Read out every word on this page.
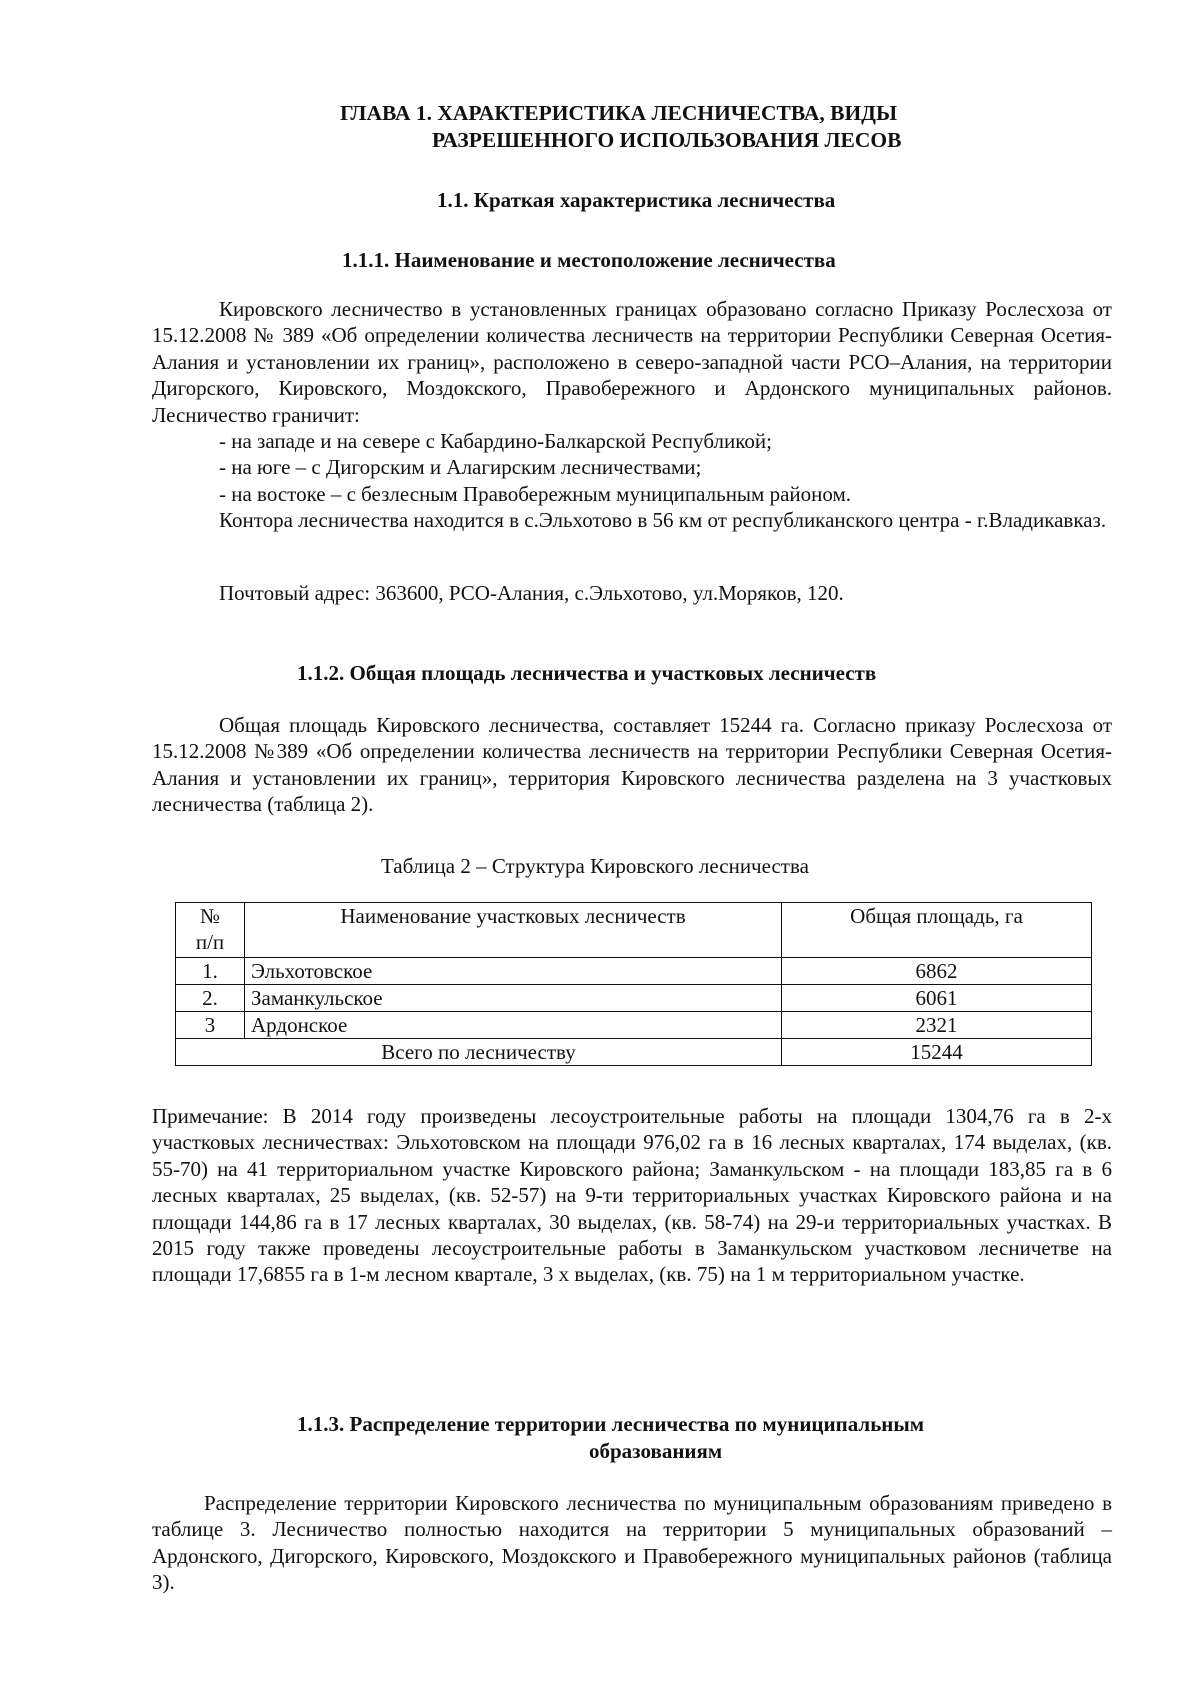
ГЛАВА 1. ХАРАКТЕРИСТИКА ЛЕСНИЧЕСТВА, ВИДЫ
РАЗРЕШЕННОГО ИСПОЛЬЗОВАНИЯ ЛЕСОВ
1.1. Краткая характеристика лесничества
1.1.1. Наименование и местоположение лесничества
Кировского лесничество в установленных границах образовано согласно Приказу Рослесхоза от 15.12.2008 № 389 «Об определении количества лесничеств на территории Республики Северная Осетия-Алания и установлении их границ», расположено в северо-западной части РСО–Алания, на территории Дигорского, Кировского, Моздокского, Правобережного и Ардонского муниципальных районов. Лесничество граничит:
- на западе и на севере с Кабардино-Балкарской Республикой;
- на юге – с Дигорским и Алагирским лесничествами;
- на востоке – с безлесным Правобережным муниципальным районом.
Контора лесничества находится в с.Эльхотово в 56 км от республиканского центра - г.Владикавказ.
Почтовый адрес: 363600, РСО-Алания, с.Эльхотово, ул.Моряков, 120.
1.1.2. Общая площадь лесничества и участковых лесничеств
Общая площадь Кировского лесничества, составляет 15244 га. Согласно приказу Рослесхоза от 15.12.2008 №389 «Об определении количества лесничеств на территории Республики Северная Осетия-Алания и установлении их границ», территория Кировского лесничества разделена на 3 участковых лесничества (таблица 2).
Таблица 2 – Структура Кировского лесничества
№
п/п	Наименование участковых лесничеств	Общая площадь, га
1.	Эльхотовское	6862
2.	Заманкульское	6061
3	Ардонское	2321
Всего по лесничеству		15244
Примечание: В 2014 году произведены лесоустроительные работы на площади 1304,76 га в 2-х участковых лесничествах: Эльхотовском на площади 976,02 га в 16 лесных кварталах, 174 выделах, (кв. 55-70) на 41 территориальном участке Кировского района; Заманкульском - на площади 183,85 га в 6 лесных кварталах, 25 выделах, (кв. 52-57) на 9-ти территориальных участках Кировского района и на площади 144,86 га в 17 лесных кварталах, 30 выделах, (кв. 58-74) на 29-и территориальных участках. В 2015 году также проведены лесоустроительные работы в Заманкульском участковом лесничетве на площади 17,6855 га в 1-м лесном квартале, 3 х выделах, (кв. 75) на 1 м территориальном участке.
1.1.3. Распределение территории лесничества по муниципальным
образованиям
Распределение территории Кировского лесничества по муниципальным образованиям приведено в таблице 3. Лесничество полностью находится на территории 5 муниципальных образований – Ардонского, Дигорского, Кировского, Моздокского и Правобережного муниципальных районов (таблица 3).
